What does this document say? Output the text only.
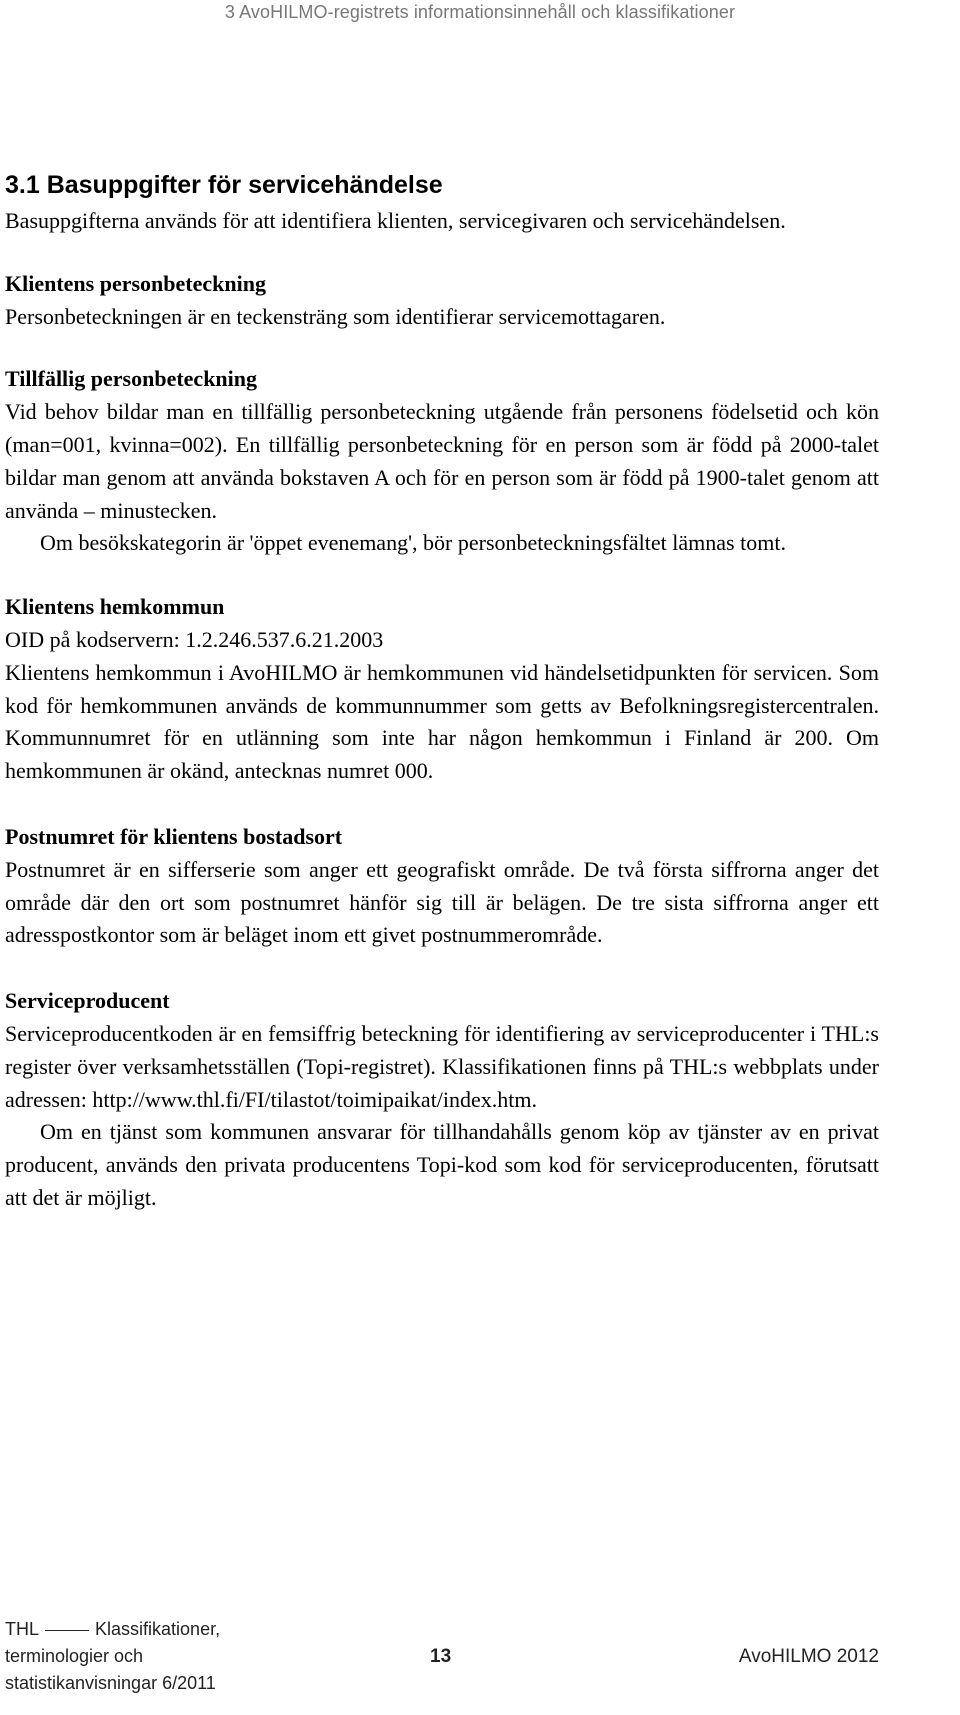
3 AvoHILMO-registrets informationsinnehåll och klassifikationer
3.1 Basuppgifter för servicehändelse

Basuppgifterna används för att identifiera klienten, servicegivaren och servicehändelsen.

Klientens personbeteckning

Personbeteckningen är en teckensträng som identifierar servicemottagaren.

Tillfällig personbeteckning

Vid behov bildar man en tillfällig personbeteckning utgående från personens födelsetid och kön (man=001, kvinna=002). En tillfällig personbeteckning för en person som är född på 2000-talet bildar man genom att använda bokstaven A och för en person som är född på 1900-talet genom att använda – minustecken.

Om besökskategorin är 'öppet evenemang', bör personbeteckningsfältet lämnas tomt.

Klientens hemkommun

OID på kodservern: 1.2.246.537.6.21.2003

Klientens hemkommun i AvoHILMO är hemkommunen vid händelsetidpunkten för servicen. Som kod för hemkommunen används de kommunnummer som getts av Befolkningsregistercentralen. Kommunnumret för en utlänning som inte har någon hemkommun i Finland är 200. Om hemkommunen är okänd, antecknas numret 000.

Postnumret för klientens bostadsort

Postnumret är en sifferserie som anger ett geografiskt område. De två första siffrorna anger det område där den ort som postnumret hänför sig till är belägen. De tre sista siffrorna anger ett adresspostkontor som är beläget inom ett givet postnummerområde.

Serviceproducent

Serviceproducentkoden är en femsiffrig beteckning för identifiering av serviceproducenter i THL:s register över verksamhetsställen (Topi-registret). Klassifikationen finns på THL:s webbplats under adressen: http://www.thl.fi/FI/tilastot/toimipaikat/index.htm.

Om en tjänst som kommunen ansvarar för tillhandahålls genom köp av tjänster av en privat producent, används den privata producentens Topi-kod som kod för serviceproducenten, förutsatt att det är möjligt.

THL	Klassifikationer,
terminologier och
statistikanvisningar 6/2011
13	AvoHILMO 2012
